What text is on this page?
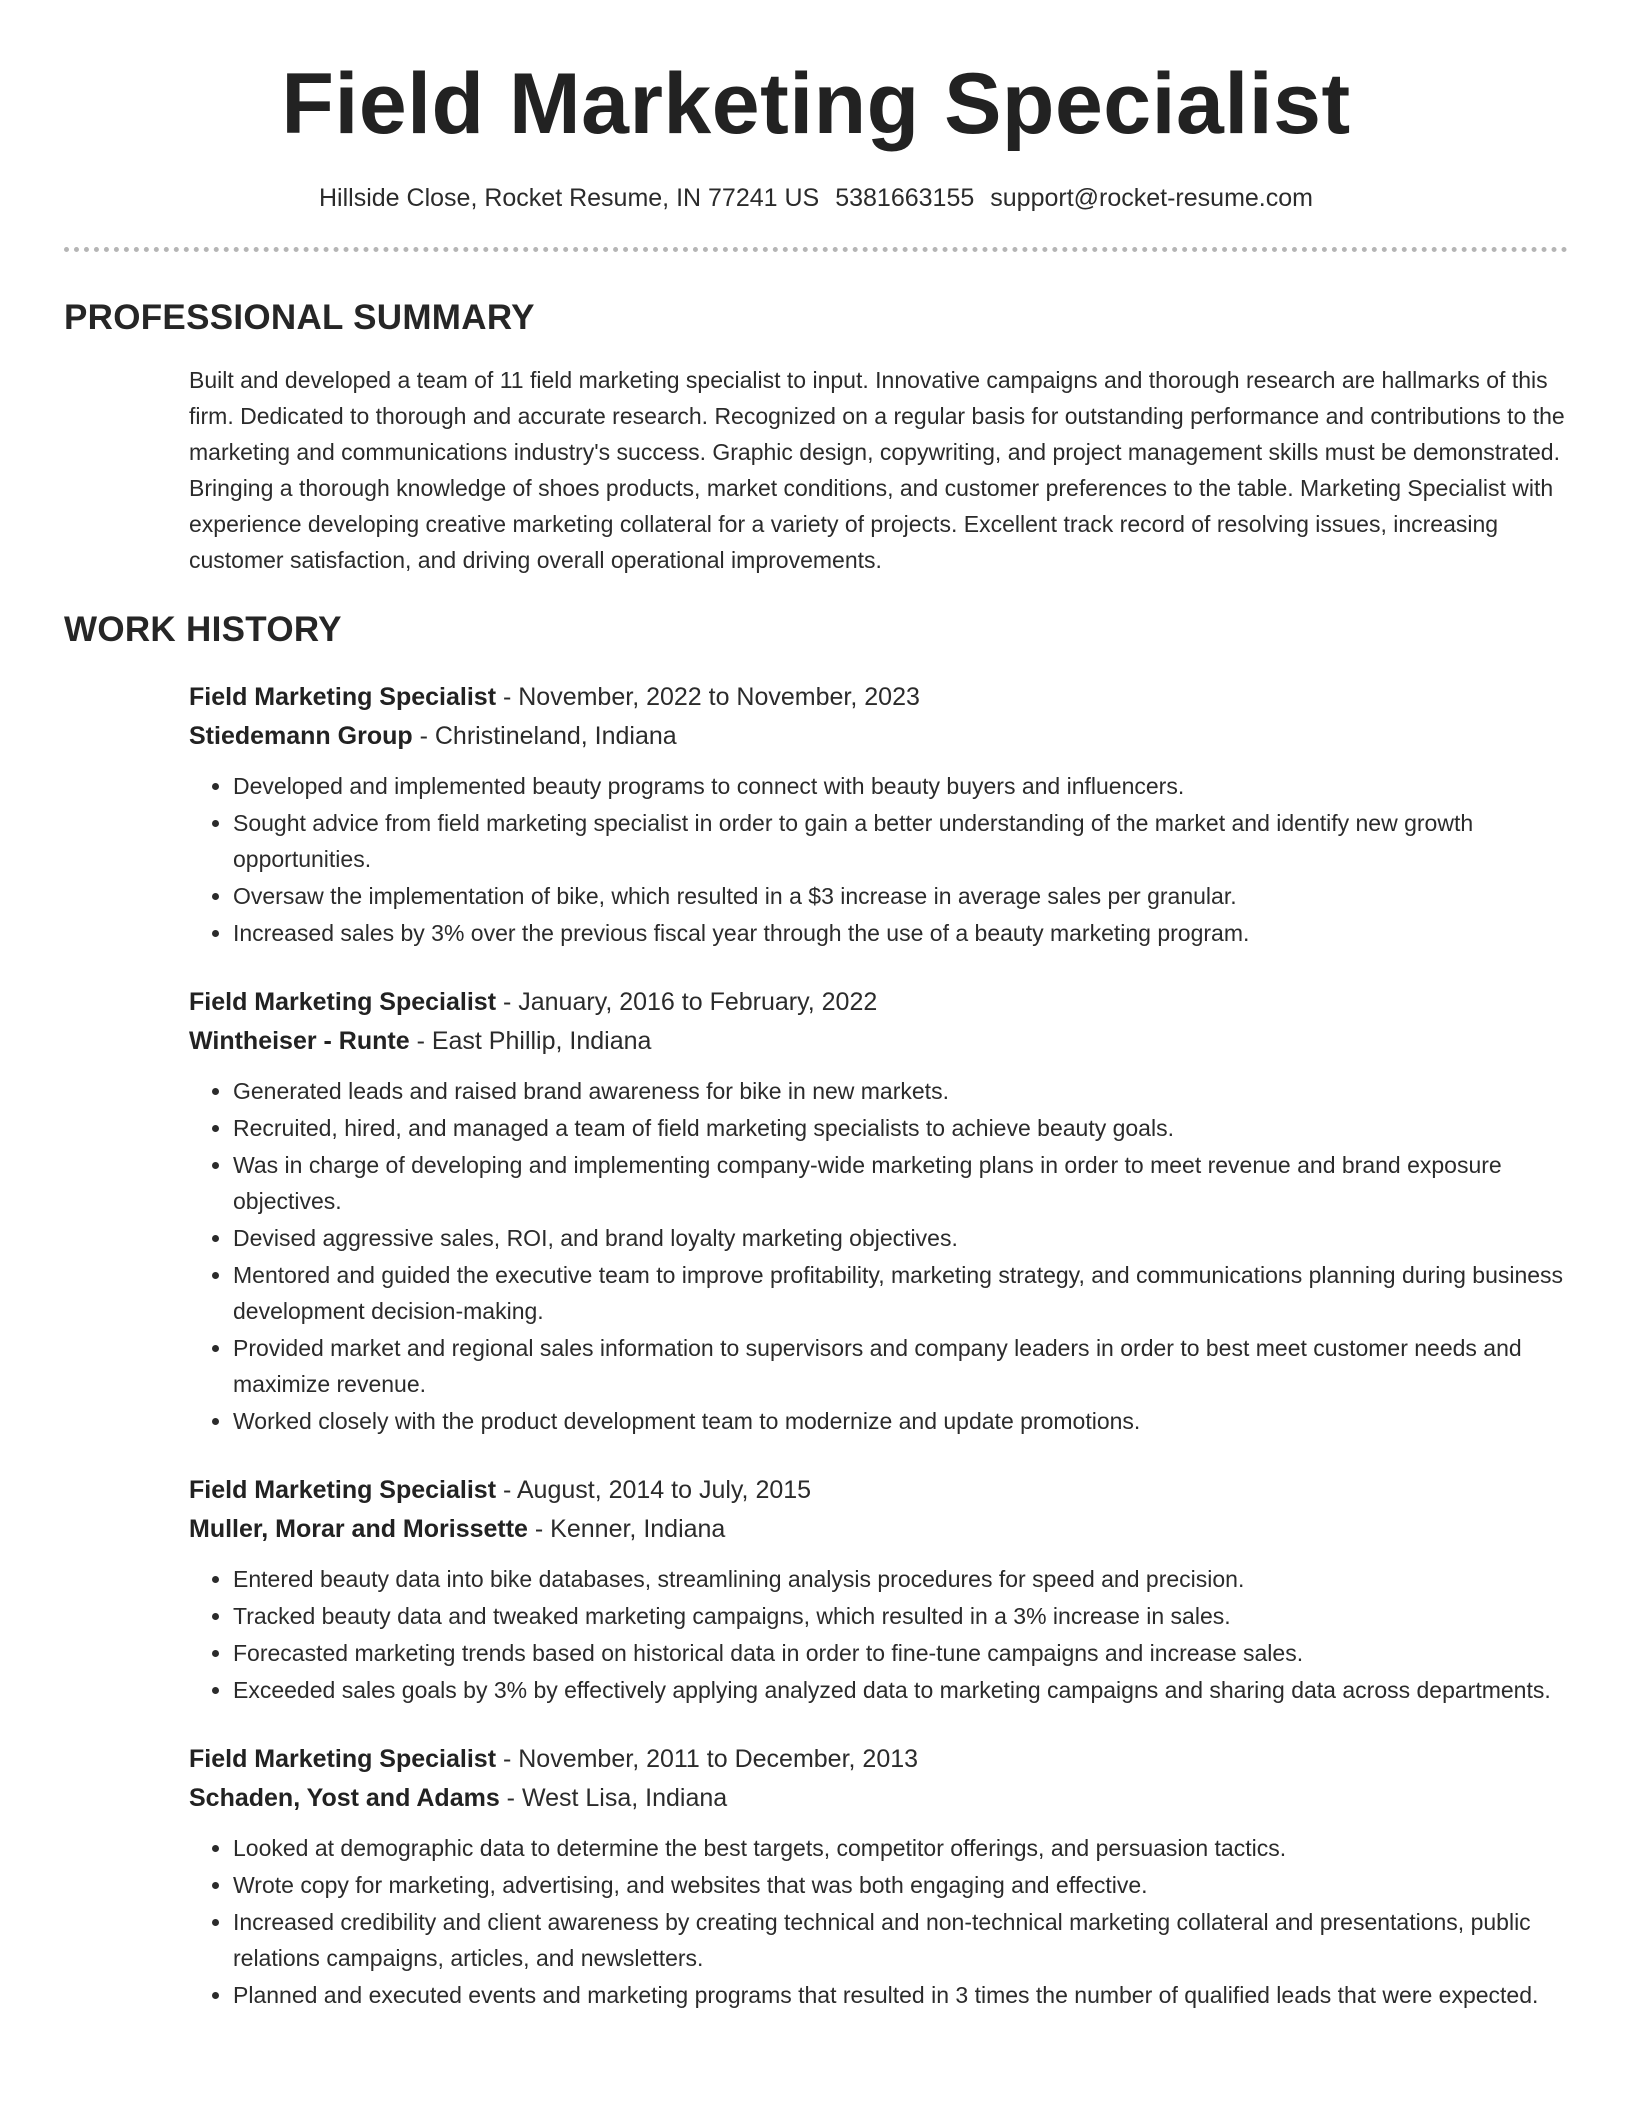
Field Marketing Specialist
Hillside Close, Rocket Resume, IN 77241 US 5381663155 support@rocket-resume.com
PROFESSIONAL SUMMARY

Built and developed a team of 11 field marketing specialist to input. Innovative campaigns and thorough research are hallmarks of this firm. Dedicated to thorough and accurate research. Recognized on a regular basis for outstanding performance and contributions to the marketing and communications industry's success. Graphic design, copywriting, and project management skills must be demonstrated. Bringing a thorough knowledge of shoes products, market conditions, and customer preferences to the table. Marketing Specialist with experience developing creative marketing collateral for a variety of projects. Excellent track record of resolving issues, increasing customer satisfaction, and driving overall operational improvements.

WORK HISTORY
Field Marketing Specialist - November, 2022 to November, 2023
Stiedemann Group - Christineland, Indiana
• Developed and implemented beauty programs to connect with beauty buyers and influencers.
• Sought advice from field marketing specialist in order to gain a better understanding of the market and identify new growth opportunities.
• Oversaw the implementation of bike, which resulted in a $3 increase in average sales per granular.
• Increased sales by 3% over the previous fiscal year through the use of a beauty marketing program.
Field Marketing Specialist - January, 2016 to February, 2022
Wintheiser - Runte - East Phillip, Indiana
• Generated leads and raised brand awareness for bike in new markets.
• Recruited, hired, and managed a team of field marketing specialists to achieve beauty goals.
• Was in charge of developing and implementing company-wide marketing plans in order to meet revenue and brand exposure objectives.
• Devised aggressive sales, ROI, and brand loyalty marketing objectives.
• Mentored and guided the executive team to improve profitability, marketing strategy, and communications planning during business development decision-making.
• Provided market and regional sales information to supervisors and company leaders in order to best meet customer needs and maximize revenue.
• Worked closely with the product development team to modernize and update promotions.
Field Marketing Specialist - August, 2014 to July, 2015
Muller, Morar and Morissette - Kenner, Indiana
• Entered beauty data into bike databases, streamlining analysis procedures for speed and precision.
• Tracked beauty data and tweaked marketing campaigns, which resulted in a 3% increase in sales.
• Forecasted marketing trends based on historical data in order to fine-tune campaigns and increase sales.
• Exceeded sales goals by 3% by effectively applying analyzed data to marketing campaigns and sharing data across departments.
Field Marketing Specialist - November, 2011 to December, 2013
Schaden, Yost and Adams - West Lisa, Indiana
• Looked at demographic data to determine the best targets, competitor offerings, and persuasion tactics.
• Wrote copy for marketing, advertising, and websites that was both engaging and effective.
• Increased credibility and client awareness by creating technical and non-technical marketing collateral and presentations, public relations campaigns, articles, and newsletters.
• Planned and executed events and marketing programs that resulted in 3 times the number of qualified leads that were expected.
